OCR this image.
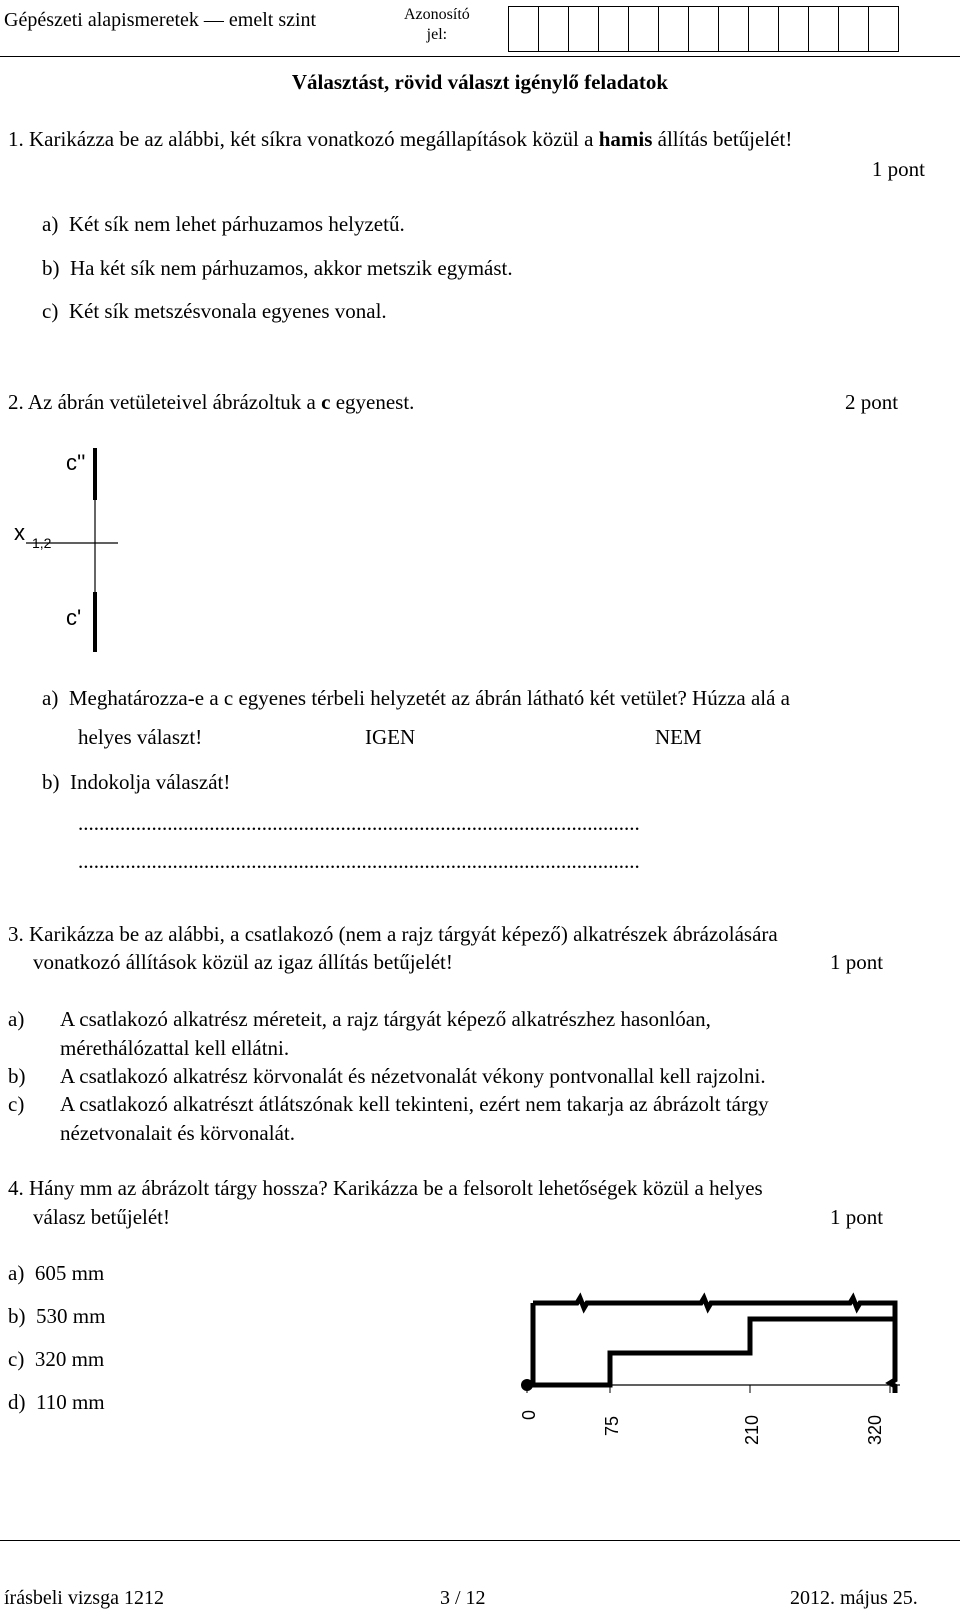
Gépészeti alapismeretek — emelt szint	Azonosító
jel:
Választást, rövid választ igénylő feladatok
1. Karikázza be az alábbi, két síkra vonatkozó megállapítások közül a hamis állítás betűjelét!
1 pont
a) Két sík nem lehet párhuzamos helyzetű.
b) Ha két sík nem párhuzamos, akkor metszik egymást.
c) Két sík metszésvonala egyenes vonal.
2. Az ábrán vetületeivel ábrázoltuk a c egyenest.	2 pont
c''
x 1,2
c'
a) Meghatározza-e a c egyenes térbeli helyzetét az ábrán látható két vetület? Húzza alá a
helyes választ!	IGEN	NEM
b) Indokolja válaszát!
...........................................................................................................
...........................................................................................................
3. Karikázza be az alábbi, a csatlakozó (nem a rajz tárgyát képező) alkatrészek ábrázolására
vonatkozó állítások közül az igaz állítás betűjelét!	1 pont
a) A csatlakozó alkatrész méreteit, a rajz tárgyát képező alkatrészhez hasonlóan,
mérethálózattal kell ellátni.
b) A csatlakozó alkatrész körvonalát és nézetvonalát vékony pontvonallal kell rajzolni.
c) A csatlakozó alkatrészt átlátszónak kell tekinteni, ezért nem takarja az ábrázolt tárgy
nézetvonalait és körvonalát.
4. Hány mm az ábrázolt tárgy hossza? Karikázza be a felsorolt lehetőségek közül a helyes
válasz betűjelét!	1 pont
a) 605 mm
b) 530 mm
c) 320 mm
d) 110 mm
0
75	210	320
írásbeli vizsga 1212	3 / 12	2012. május 25.
